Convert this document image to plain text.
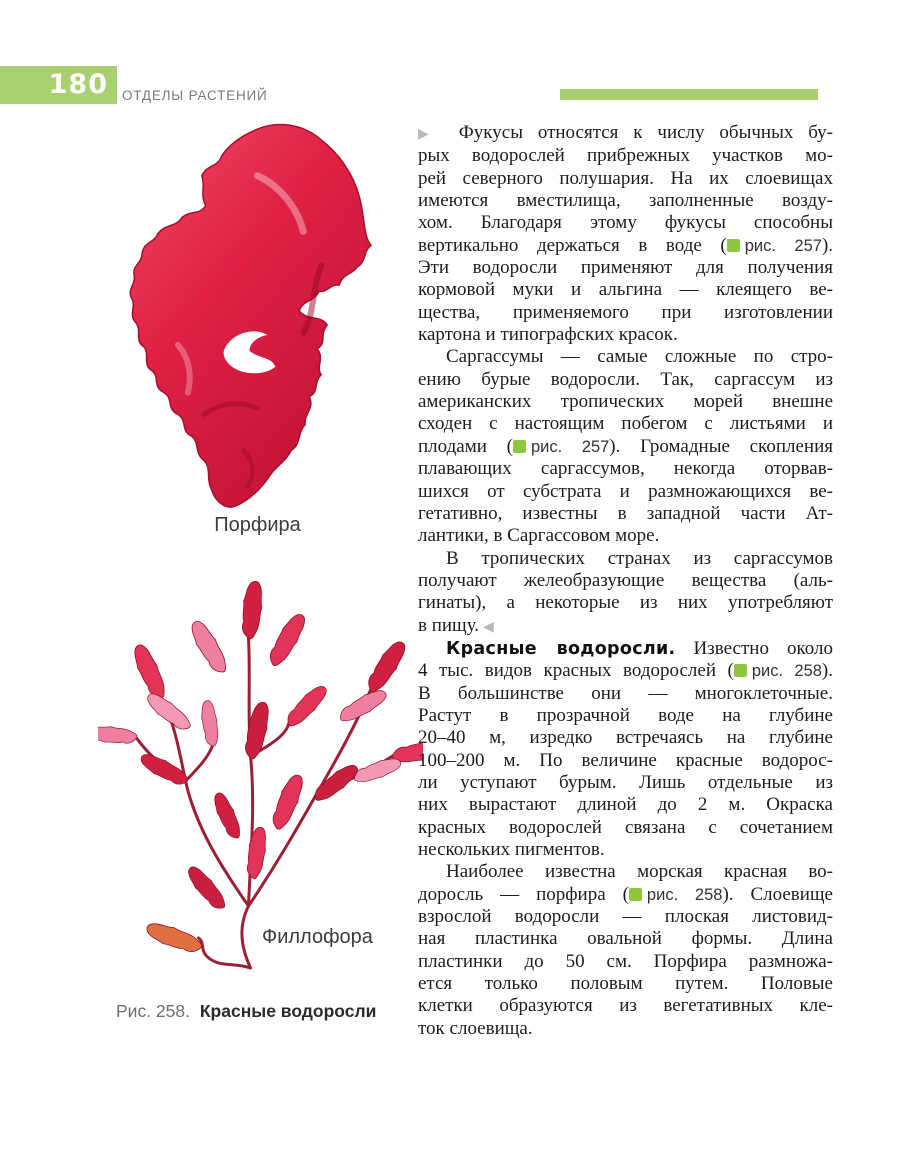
180	ОТДЕЛЫ РАСТЕНИЙ
Порфира
Филлофора
Рис. 258. Красные водоросли
▶ Фукусы относятся к числу обычных бу-
рых водорослей прибрежных участков мо-
рей северного полушария. На их слоевищах
имеются вместилища, заполненные возду-
хом. Благодаря этому фукусы способны
вертикально держаться в воде ( рис. 257).
Эти водоросли применяют для получения
кормовой муки и альгина — клеящего ве-
щества, применяемого при изготовлении
картона и типографских красок.
Саргассумы — самые сложные по стро-
ению бурые водоросли. Так, саргассум из
американских тропических морей внешне
сходен с настоящим побегом с листьями и
плодами ( рис. 257). Громадные скопления
плавающих саргассумов, некогда оторвав-
шихся от субстрата и размножающихся ве-
гетативно, известны в западной части Ат-
лантики, в Саргассовом море.
В тропических странах из саргассумов
получают желеобразующие вещества (аль-
гинаты), а некоторые из них употребляют
в пищу. ◀
Красные водоросли. Известно около
4 тыс. видов красных водорослей ( рис. 258).
В большинстве они — многоклеточные.
Растут в прозрачной воде на глубине
20–40 м, изредко встречаясь на глубине
100–200 м. По величине красные водорос-
ли уступают бурым. Лишь отдельные из
них вырастают длиной до 2 м. Окраска
красных водорослей связана с сочетанием
нескольких пигментов.
Наиболее известна морская красная во-
доросль — порфира ( рис. 258). Слоевище
взрослой водоросли — плоская листовид-
ная пластинка овальной формы. Длина
пластинки до 50 см. Порфира размножа-
ется только половым путем. Половые
клетки образуются из вегетативных кле-
ток слоевища.
